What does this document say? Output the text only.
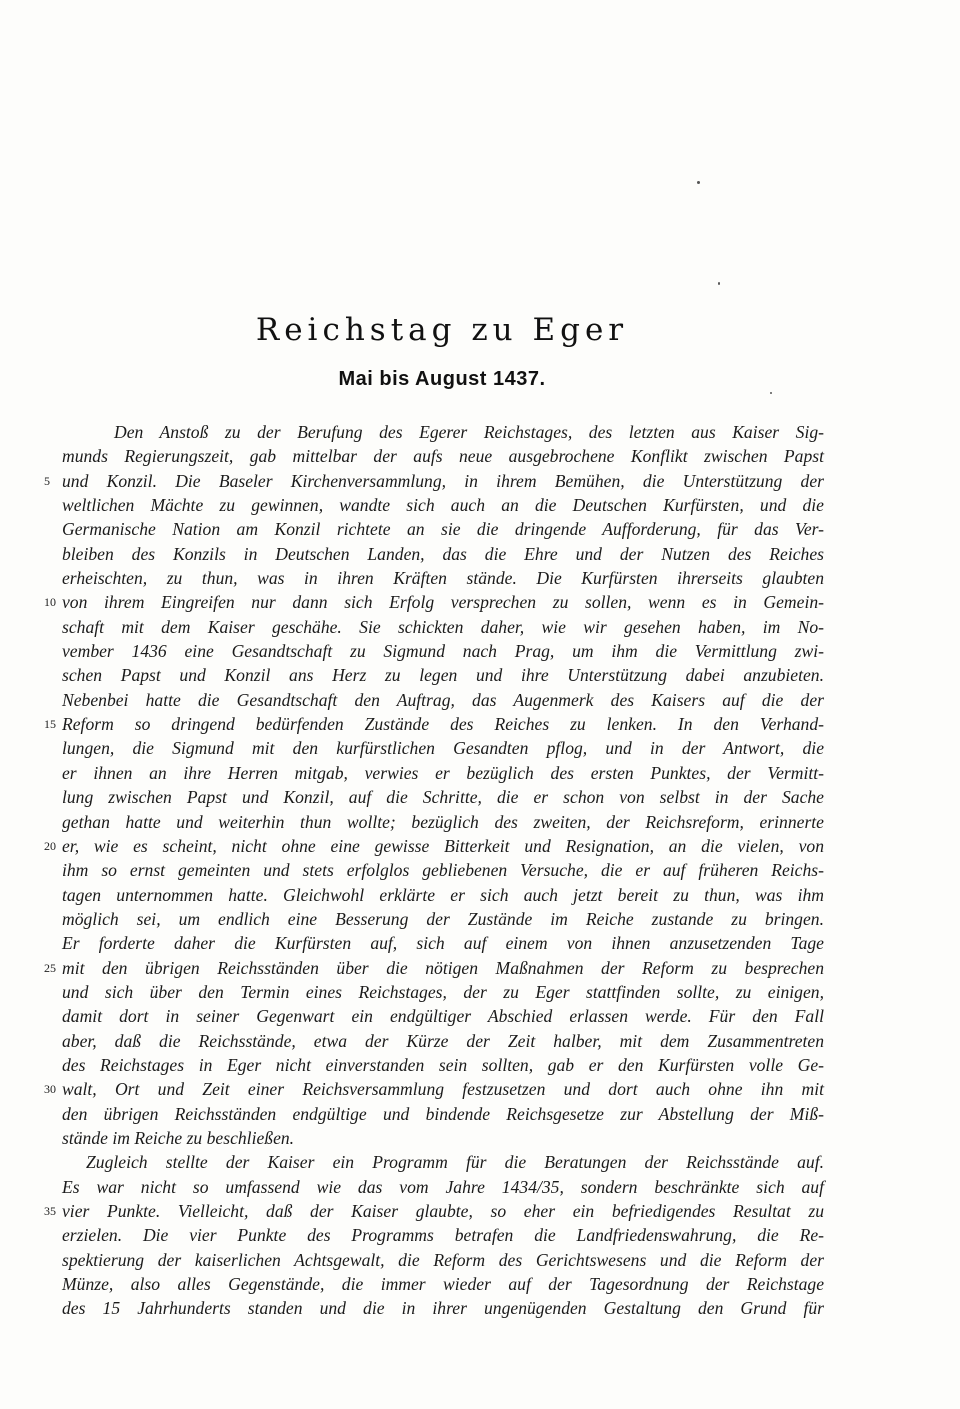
Reichstag zu Eger
Mai bis August 1437.
Den Anstoß zu der Berufung des Egerer Reichstages, des letzten aus Kaiser Sig-
munds Regierungszeit, gab mittelbar der aufs neue ausgebrochene Konflikt zwischen Papst
5 und Konzil. Die Baseler Kirchenversammlung, in ihrem Bemühen, die Unterstützung der
weltlichen Mächte zu gewinnen, wandte sich auch an die Deutschen Kurfürsten, und die
Germanische Nation am Konzil richtete an sie die dringende Aufforderung, für das Ver-
bleiben des Konzils in Deutschen Landen, das die Ehre und der Nutzen des Reiches
erheischten, zu thun, was in ihren Kräften stände. Die Kurfürsten ihrerseits glaubten
10 von ihrem Eingreifen nur dann sich Erfolg versprechen zu sollen, wenn es in Gemein-
schaft mit dem Kaiser geschähe. Sie schickten daher, wie wir gesehen haben, im No-
vember 1436 eine Gesandtschaft zu Sigmund nach Prag, um ihm die Vermittlung zwi-
schen Papst und Konzil ans Herz zu legen und ihre Unterstützung dabei anzubieten.
Nebenbei hatte die Gesandtschaft den Auftrag, das Augenmerk des Kaisers auf die der
15 Reform so dringend bedürfenden Zustände des Reiches zu lenken. In den Verhand-
lungen, die Sigmund mit den kurfürstlichen Gesandten pflog, und in der Antwort, die
er ihnen an ihre Herren mitgab, verwies er bezüglich des ersten Punktes, der Vermitt-
lung zwischen Papst und Konzil, auf die Schritte, die er schon von selbst in der Sache
gethan hatte und weiterhin thun wollte; bezüglich des zweiten, der Reichsreform, erinnerte
20 er, wie es scheint, nicht ohne eine gewisse Bitterkeit und Resignation, an die vielen, von
ihm so ernst gemeinten und stets erfolglos gebliebenen Versuche, die er auf früheren Reichs-
tagen unternommen hatte. Gleichwohl erklärte er sich auch jetzt bereit zu thun, was ihm
möglich sei, um endlich eine Besserung der Zustände im Reiche zustande zu bringen.
Er forderte daher die Kurfürsten auf, sich auf einem von ihnen anzusetzenden Tage
25 mit den übrigen Reichsständen über die nötigen Maßnahmen der Reform zu besprechen
und sich über den Termin eines Reichstages, der zu Eger stattfinden sollte, zu einigen,
damit dort in seiner Gegenwart ein endgültiger Abschied erlassen werde. Für den Fall
aber, daß die Reichsstände, etwa der Kürze der Zeit halber, mit dem Zusammentreten
des Reichstages in Eger nicht einverstanden sein sollten, gab er den Kurfürsten volle Ge-
30 walt, Ort und Zeit einer Reichsversammlung festzusetzen und dort auch ohne ihn mit
den übrigen Reichsständen endgültige und bindende Reichsgesetze zur Abstellung der Miß-
stände im Reiche zu beschließen.
Zugleich stellte der Kaiser ein Programm für die Beratungen der Reichsstände auf.
Es war nicht so umfassend wie das vom Jahre 1434/35, sondern beschränkte sich auf
35 vier Punkte. Vielleicht, daß der Kaiser glaubte, so eher ein befriedigendes Resultat zu
erzielen. Die vier Punkte des Programms betrafen die Landfriedenswahrung, die Re-
spektierung der kaiserlichen Achtsgewalt, die Reform des Gerichtswesens und die Reform der
Münze, also alles Gegenstände, die immer wieder auf der Tagesordnung der Reichstage
des 15 Jahrhunderts standen und die in ihrer ungenügenden Gestaltung den Grund für
